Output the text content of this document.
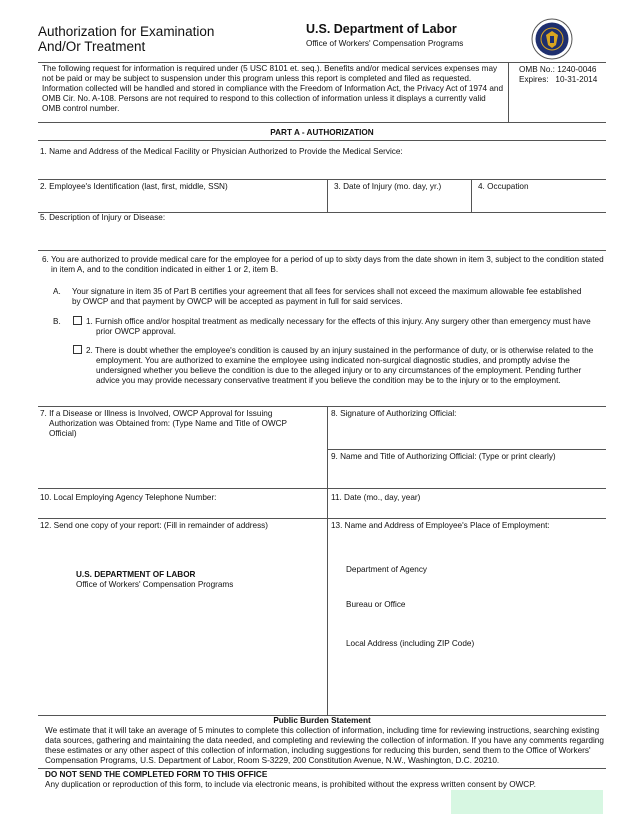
Authorization for Examination
And/Or Treatment
U.S. Department of Labor
Office of Workers' Compensation Programs
The following request for information is required under (5 USC 8101 et. seq.). Benefits and/or medical services expenses may not be paid or may be subject to suspension under this program unless this report is completed and filed as requested. Information collected will be handled and stored in compliance with the Freedom of Information Act, the Privacy Act of 1974 and OMB Cir. No. A-108. Persons are not required to respond to this collection of information unless it displays a currently valid OMB control number.
OMB No.: 1240-0046
Expires:   10-31-2014
PART A - AUTHORIZATION
1. Name and Address of the Medical Facility or Physician Authorized to Provide the Medical Service:
2. Employee's Identification (last, first, middle, SSN)	3. Date of Injury (mo. day, yr.)	4. Occupation
5. Description of Injury or Disease:
6. You are authorized to provide medical care for the employee for a period of up to sixty days from the date shown in item 3, subject to the condition stated in item A, and to the condition indicated in either 1 or 2, item B.
A. Your signature in item 35 of Part B certifies your agreement that all fees for services shall not exceed the maximum allowable fee established by OWCP and that payment by OWCP will be accepted as payment in full for said services.
B.	1. Furnish office and/or hospital treatment as medically necessary for the effects of this injury. Any surgery other than emergency must have prior OWCP approval.
2. There is doubt whether the employee's condition is caused by an injury sustained in the performance of duty, or is otherwise related to the employment. You are authorized to examine the employee using indicated non-surgical diagnostic studies, and promptly advise the undersigned whether you believe the condition is due to the alleged injury or to any circumstances of the employment. Pending further advice you may provide necessary conservative treatment if you believe the condition may be to the injury or to the employment.
7. If a Disease or Illness is Involved, OWCP Approval for Issuing Authorization was Obtained from: (Type Name and Title of OWCP Official)
8. Signature of Authorizing Official:
9. Name and Title of Authorizing Official: (Type or print clearly)
10. Local Employing Agency Telephone Number:	11. Date (mo., day, year)
12. Send one copy of your report: (Fill in remainder of address)
U.S. DEPARTMENT OF LABOR
Office of Workers' Compensation Programs
13. Name and Address of Employee's Place of Employment:
Department of Agency
Bureau or Office
Local Address (including ZIP Code)
Public Burden Statement
We estimate that it will take an average of 5 minutes to complete this collection of information, including time for reviewing instructions, searching existing data sources, gathering and maintaining the data needed, and completing and reviewing the collection of information. If you have any comments regarding these estimates or any other aspect of this collection of information, including suggestions for reducing this burden, send them to the Office of Workers' Compensation Programs, U.S. Department of Labor, Room S-3229, 200 Constitution Avenue, N.W., Washington, D.C. 20210.
DO NOT SEND THE COMPLETED FORM TO THIS OFFICE
Any duplication or reproduction of this form, to include via electronic means, is prohibited without the express written consent by OWCP.
